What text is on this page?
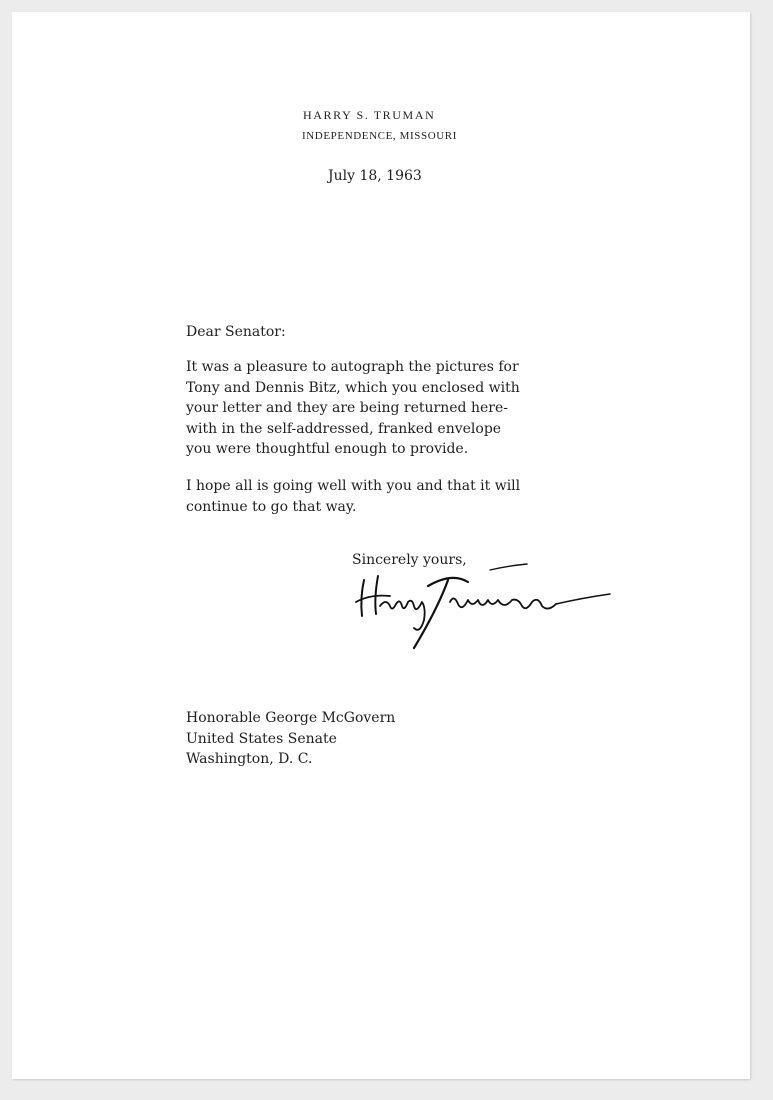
HARRY S. TRUMAN
INDEPENDENCE, MISSOURI
July 18, 1963
Dear Senator:
It was a pleasure to autograph the pictures for
Tony and Dennis Bitz, which you enclosed with
your letter and they are being returned here-
with in the self-addressed, franked envelope
you were thoughtful enough to provide.
I hope all is going well with you and that it will
continue to go that way.
Sincerely yours,
Honorable George McGovern
United States Senate
Washington, D. C.
